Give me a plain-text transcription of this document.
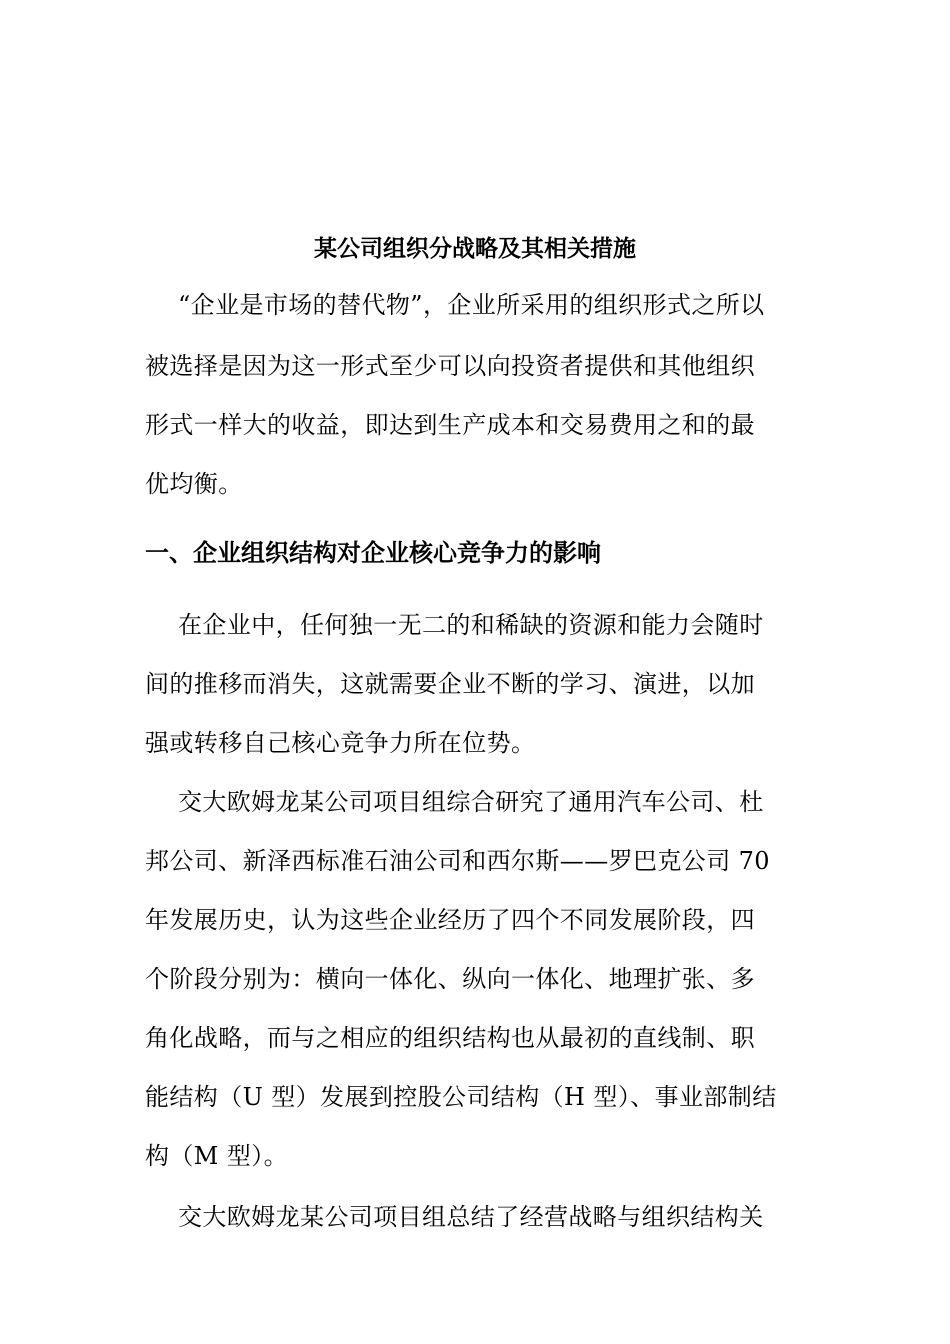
某公司组织分战略及其相关措施

“企业是市场的替代物”，企业所采用的组织形式之所以

被选择是因为这一形式至少可以向投资者提供和其他组织

形式一样大的收益，即达到生产成本和交易费用之和的最

优均衡。

一、企业组织结构对企业核心竞争力的影响

在企业中，任何独一无二的和稀缺的资源和能力会随时

间的推移而消失，这就需要企业不断的学习、演进，以加

强或转移自己核心竞争力所在位势。

交大欧姆龙某公司项目组综合研究了通用汽车公司、杜

邦公司、新泽西标准石油公司和西尔斯——罗巴克公司 70

年发展历史，认为这些企业经历了四个不同发展阶段，四

个阶段分别为：横向一体化、纵向一体化、地理扩张、多

角化战略，而与之相应的组织结构也从最初的直线制、职

能结构（U 型）发展到控股公司结构（H 型）、事业部制结

构（M 型）。

交大欧姆龙某公司项目组总结了经营战略与组织结构关
